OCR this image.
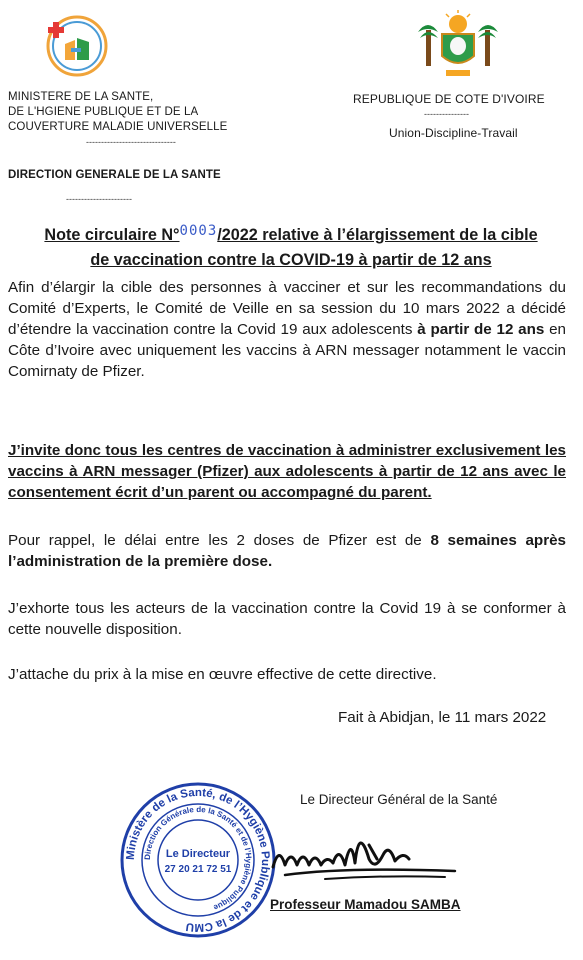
MINISTERE DE LA SANTE,
DE L'HGIENE PUBLIQUE ET DE LA
COUVERTURE MALADIE UNIVERSELLE
------------------------------
DIRECTION GENERALE DE LA SANTE
----------------------
REPUBLIQUE DE COTE D'IVOIRE
---------------
Union-Discipline-Travail
Note circulaire N°0003/2022 relative à l’élargissement de la cible
de vaccination contre la COVID-19 à partir de 12 ans
Afin d’élargir la cible des personnes à vacciner et sur les recommandations du Comité d’Experts, le Comité de Veille en sa session du 10 mars 2022 a décidé d’étendre la vaccination contre la Covid 19 aux adolescents à partir de 12 ans en Côte d’Ivoire avec uniquement les vaccins à ARN messager notamment le vaccin Comirnaty de Pfizer.
J’invite donc tous les centres de vaccination à administrer exclusivement les vaccins à ARN messager (Pfizer) aux adolescents à partir de 12 ans avec le consentement écrit d’un parent ou accompagné du parent.
Pour rappel, le délai entre les 2 doses de Pfizer est de 8 semaines après l’administration de la première dose.
J’exhorte tous les acteurs de la vaccination contre la Covid 19 à se conformer à cette nouvelle disposition.
J’attache du prix à la mise en œuvre effective de cette directive.
Fait à Abidjan, le 11 mars 2022
Le Directeur Général de la Santé
Ministère de la Santé, de l’Hygiène Publique et de la CMU
Direction Générale de la Santé et de l’Hygiène Publique
Le Directeur
27 20 21 72 51
Professeur Mamadou SAMBA
